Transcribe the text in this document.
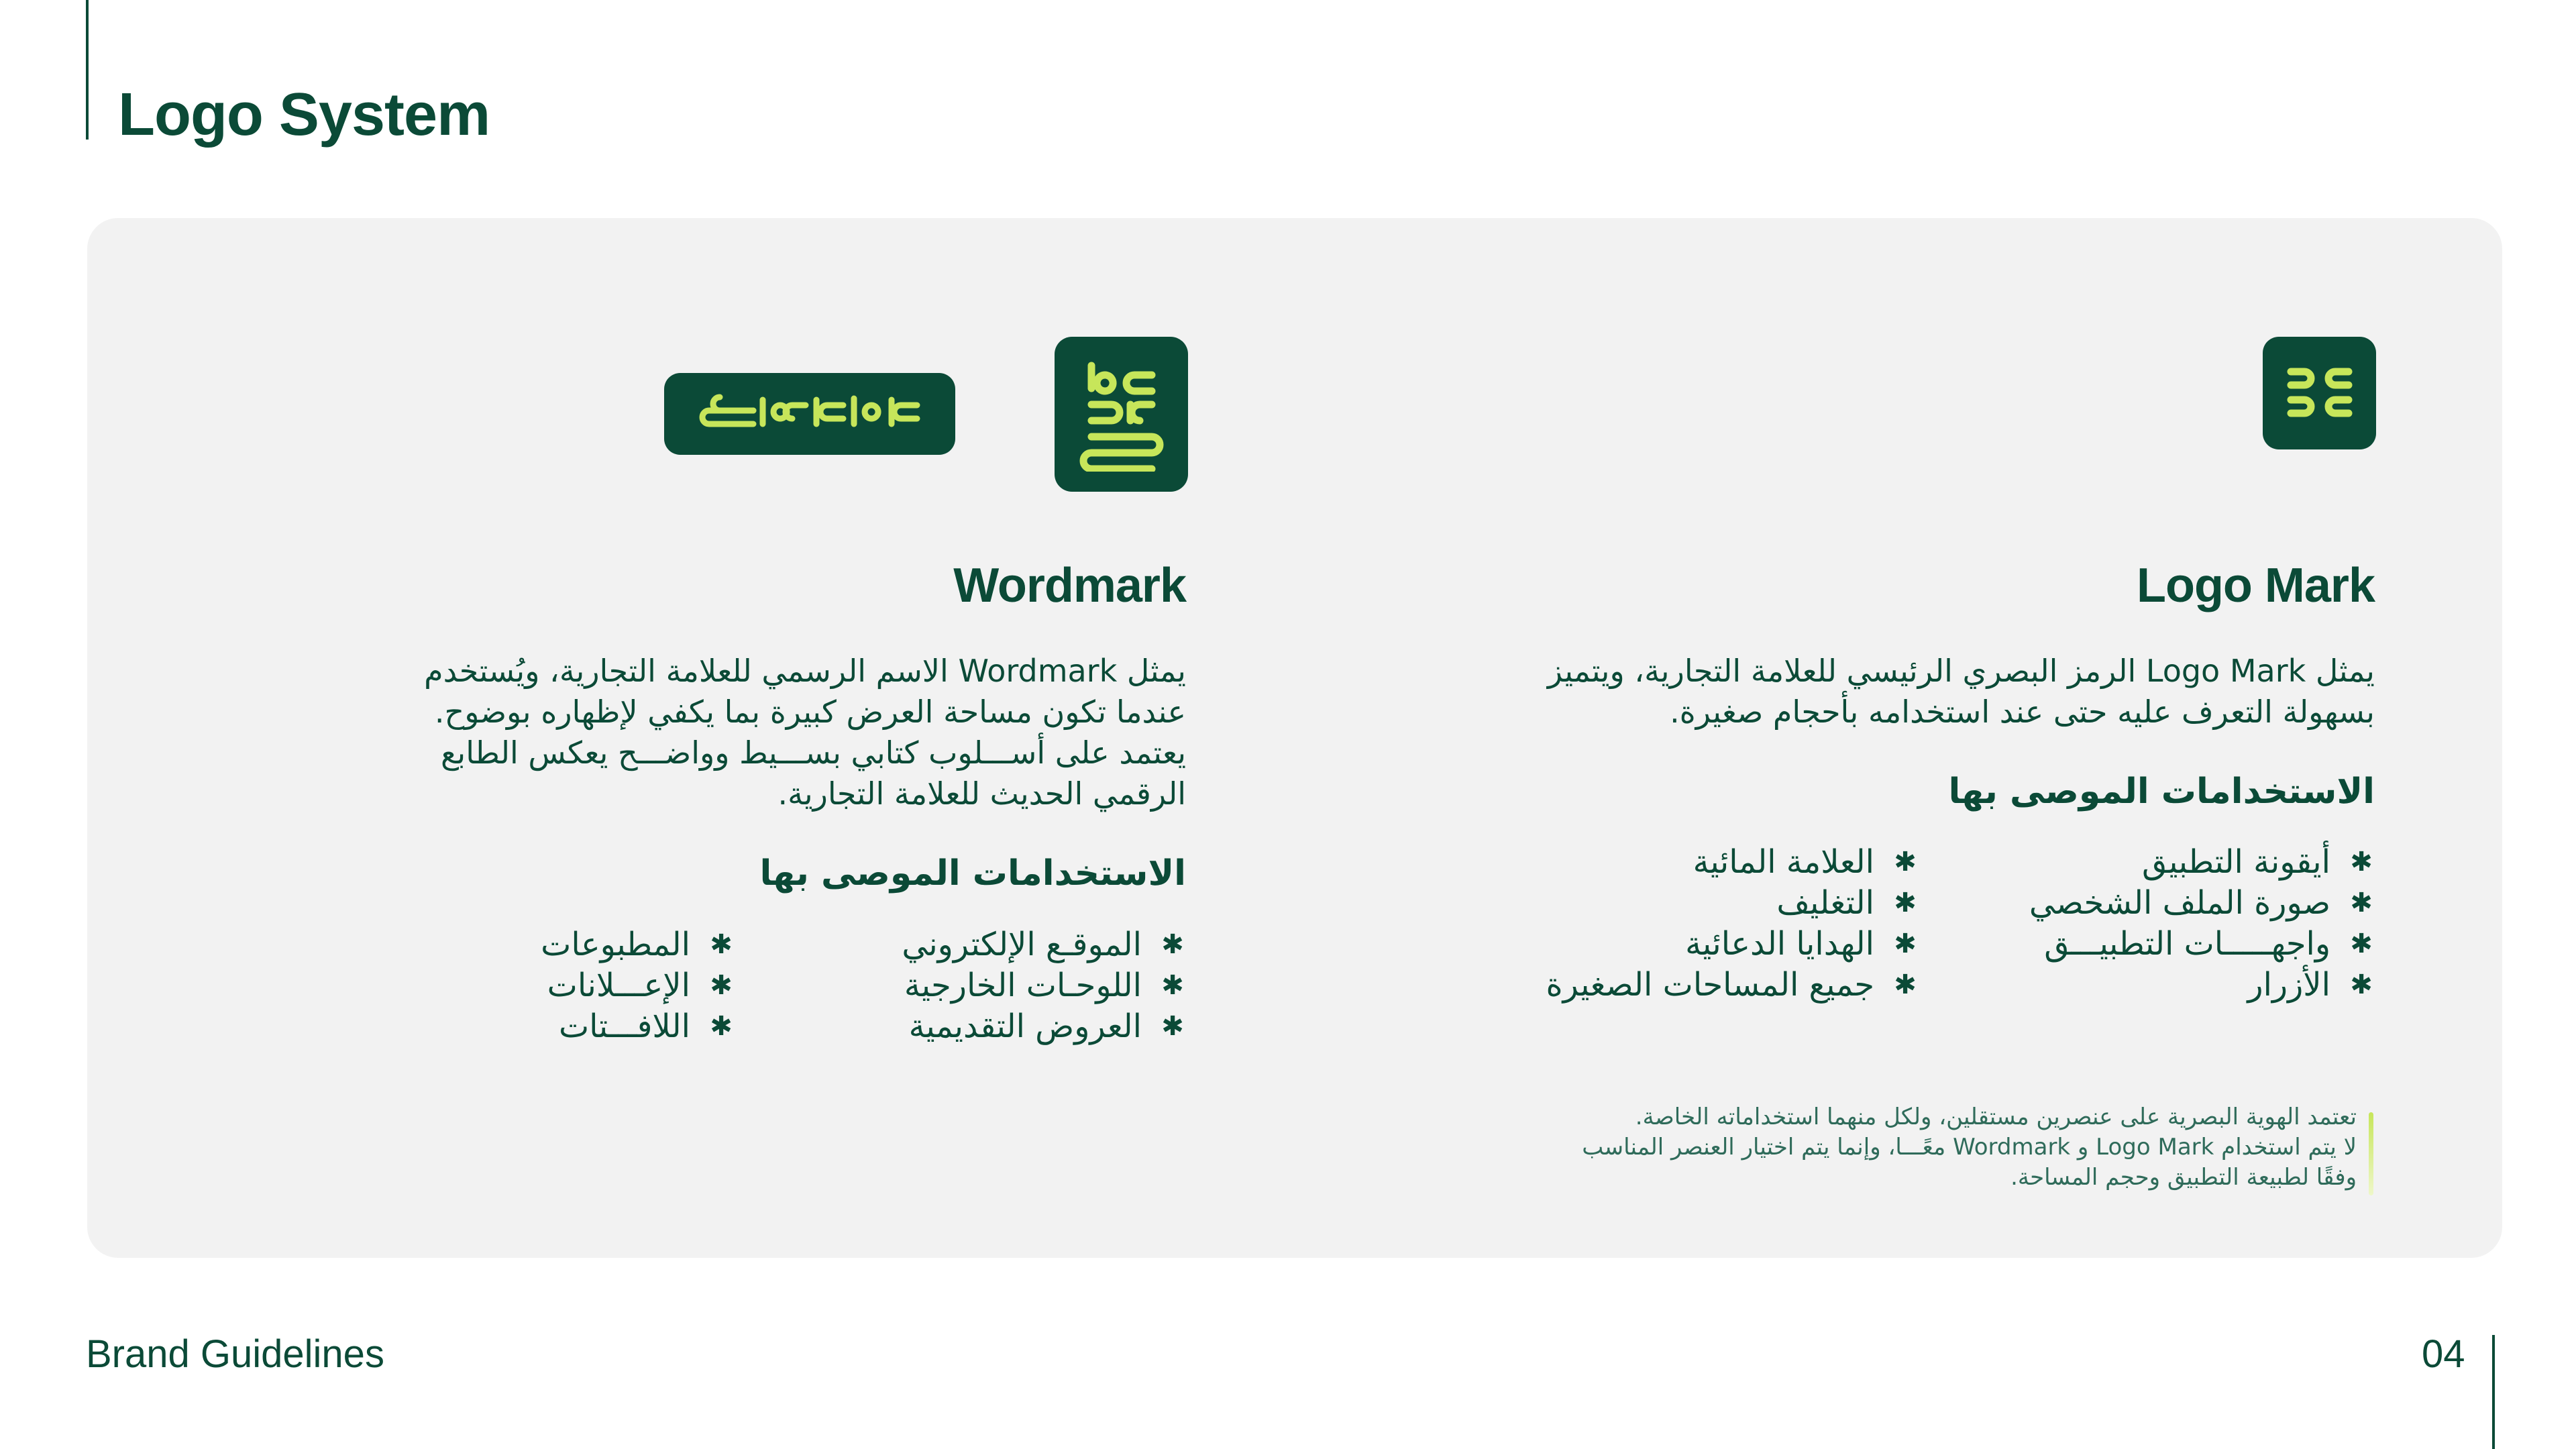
Logo System
Logo Mark
يمثل Logo Mark الرمز البصري الرئيسي للعلامة التجارية، ويتميز
بسهولة التعرف عليه حتى عند استخدامه بأحجام صغيرة.
الاستخدامات الموصى بها
✱
أيقونة التطبيق
✱
صورة الملف الشخصي
✱
واجهـــــات التطبيـــق
✱
الأزرار
✱
العلامة المائية
✱
التغليف
✱
الهدايا الدعائية
✱
جميع المساحات الصغيرة
Wordmark
يمثل Wordmark الاسم الرسمي للعلامة التجارية، ويُستخدم
عندما تكون مساحة العرض كبيرة بما يكفي لإظهاره بوضوح.
يعتمد على أســـلوب كتابي بســـيط وواضـــح يعكس الطابع
الرقمي الحديث للعلامة التجارية.
الاستخدامات الموصى بها
✱
الموقـع الإلكتروني
✱
اللوحـات الخارجية
✱
العروض التقديمية
✱
المطبوعات
✱
الإعـــلانات
✱
اللافـــتات
تعتمد الهوية البصرية على عنصرين مستقلين، ولكل منهما استخداماته الخاصة.
لا يتم استخدام Logo Mark و Wordmark معًـــا، وإنما يتم اختيار العنصر المناسب
وفقًا لطبيعة التطبيق وحجم المساحة.
Brand Guidelines	04
